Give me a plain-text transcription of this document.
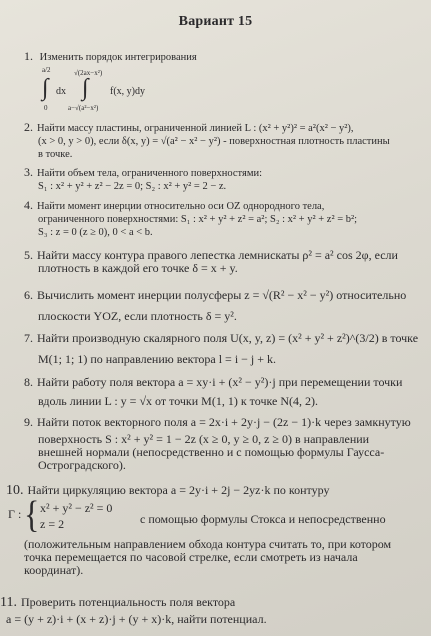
Вариант 15
1. Изменить порядок интегрирования
a/2
∫
0
dx
√(2ax−x²)
∫
a−√(a²−x²)
f(x, y)dy
2. Найти массу пластины, ограниченной линией L : (x² + y²)² = a²(x² − y²),
(x > 0, y > 0), если δ(x, y) = √(a² − x² − y²) - поверхностная плотность пластины
в точке.
3. Найти объем тела, ограниченного поверхностями:
S₁ : x² + y² + z² − 2z = 0; S₂ : x² + y² = 2 − z.
4. Найти момент инерции относительно оси OZ однородного тела,
ограниченного поверхностями: S₁ : x² + y² + z² = a²; S₂ : x² + y² + z² = b²;
S₃ : z = 0 (z ≥ 0), 0 < a < b.
5. Найти массу контура правого лепестка лемнискаты ρ² = a² cos 2φ, если
плотность в каждой его точке δ = x + y.
6. Вычислить момент инерции полусферы z = √(R² − x² − y²) относительно
плоскости YOZ, если плотность δ = y².
7. Найти производную скалярного поля U(x, y, z) = (x² + y² + z²)^(3/2) в точке
M(1; 1; 1) по направлению вектора l = i − j + k.
8. Найти работу поля вектора a = xy·i + (x² − y²)·j при перемещении точки
вдоль линии L : y = √x от точки M(1, 1) к точке N(4, 2).
9. Найти поток векторного поля a = 2x·i + 2y·j − (2z − 1)·k через замкнутую
поверхность S : x² + y² = 1 − 2z (x ≥ 0, y ≥ 0, z ≥ 0) в направлении
внешней нормали (непосредственно и с помощью формулы Гаусса-
Остроградского).
10. Найти циркуляцию вектора a = 2y·i + 2j − 2yz·k по контуру
Γ : { x² + y² − z² = 0
z = 2	с помощью формулы Стокса и непосредственно
(положительным направлением обхода контура считать то, при котором
точка перемещается по часовой стрелке, если смотреть из начала
координат).
11. Проверить потенциальность поля вектора
a = (y + z)·i + (x + z)·j + (y + x)·k, найти потенциал.
